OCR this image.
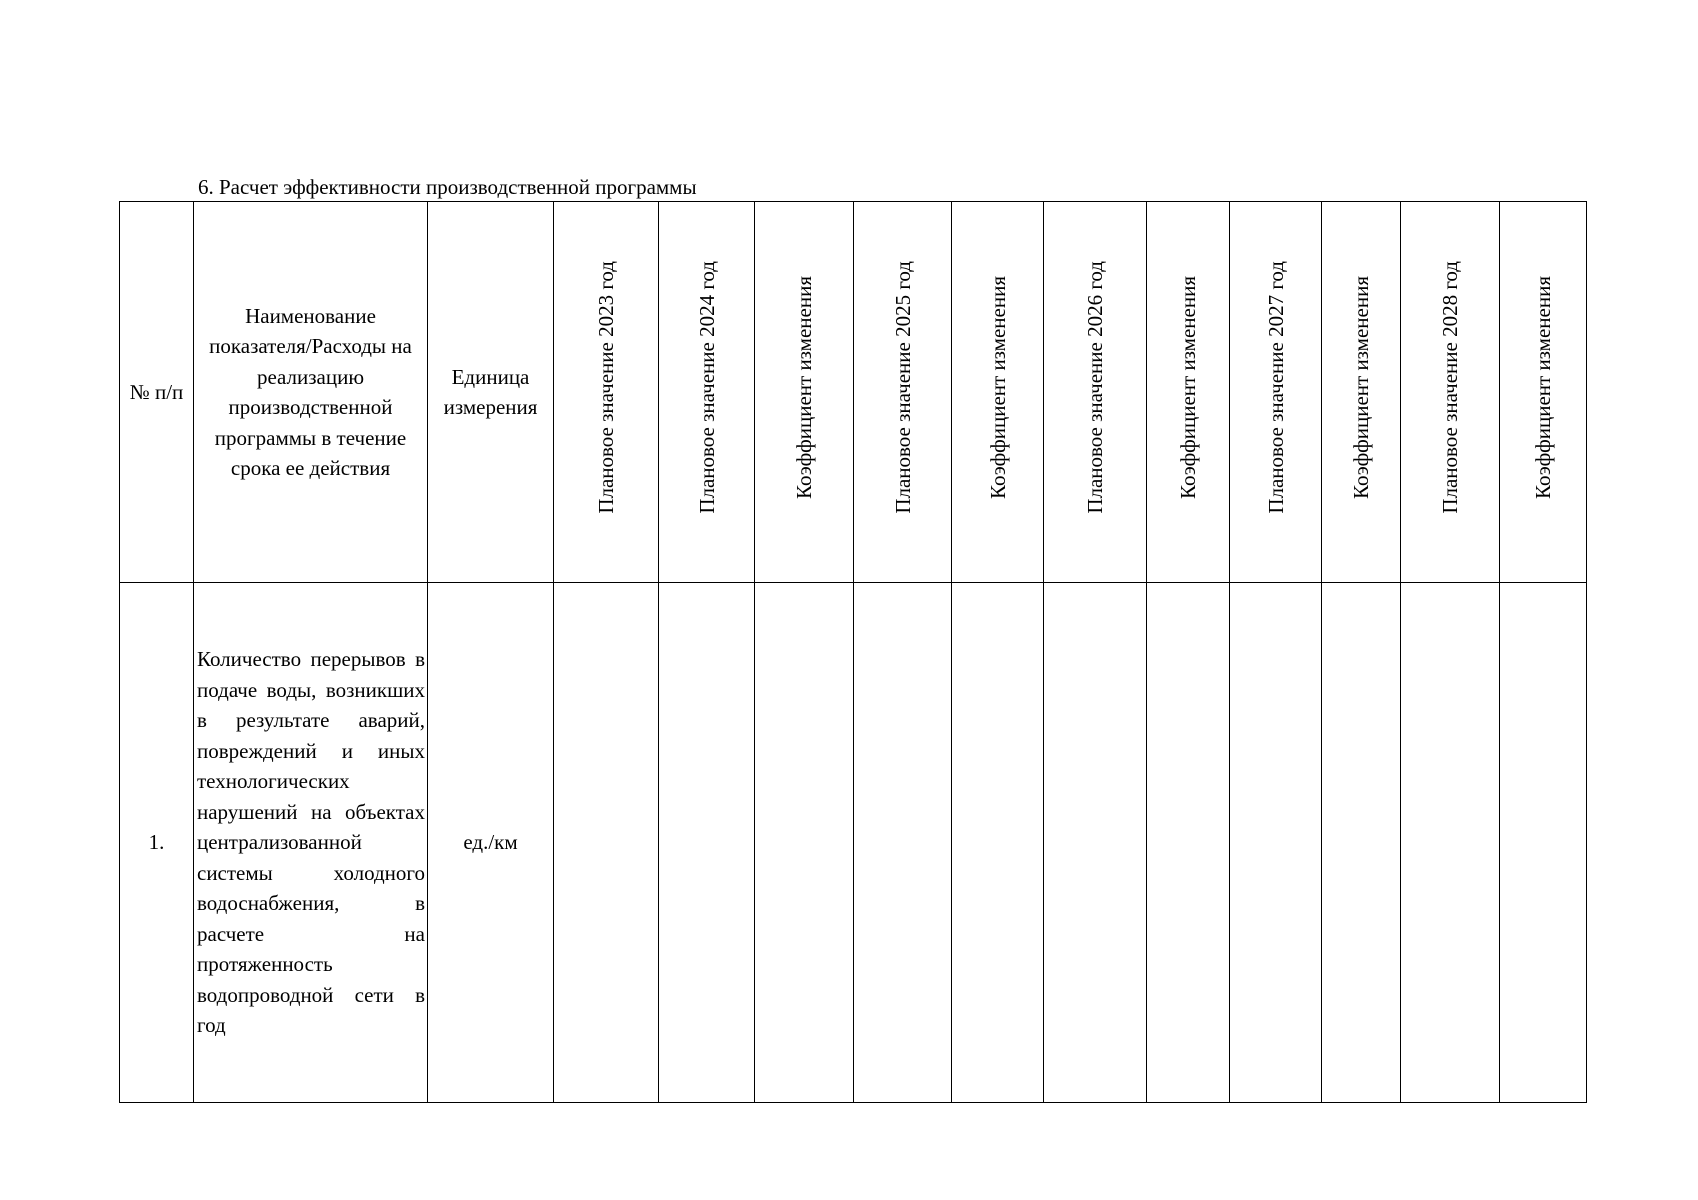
6. Расчет эффективности производственной программы
№ п/п	Наименование показателя/Расходы на реализацию производственной программы в течение срока ее действия	Единица измерения	Плановое значение 2023 год	Плановое значение 2024 год	Коэффициент изменения	Плановое значение 2025 год	Коэффициент изменения	Плановое значение 2026 год	Коэффициент изменения	Плановое значение 2027 год	Коэффициент изменения	Плановое значение 2028 год	Коэффициент изменения
1.	Количество перерывов в подаче воды, возникших в результате аварий, повреждений и иных технологических нарушений на объектах централизованной системы холодного водоснабжения, в расчете на протяженность водопроводной сети в год	ед./км											
